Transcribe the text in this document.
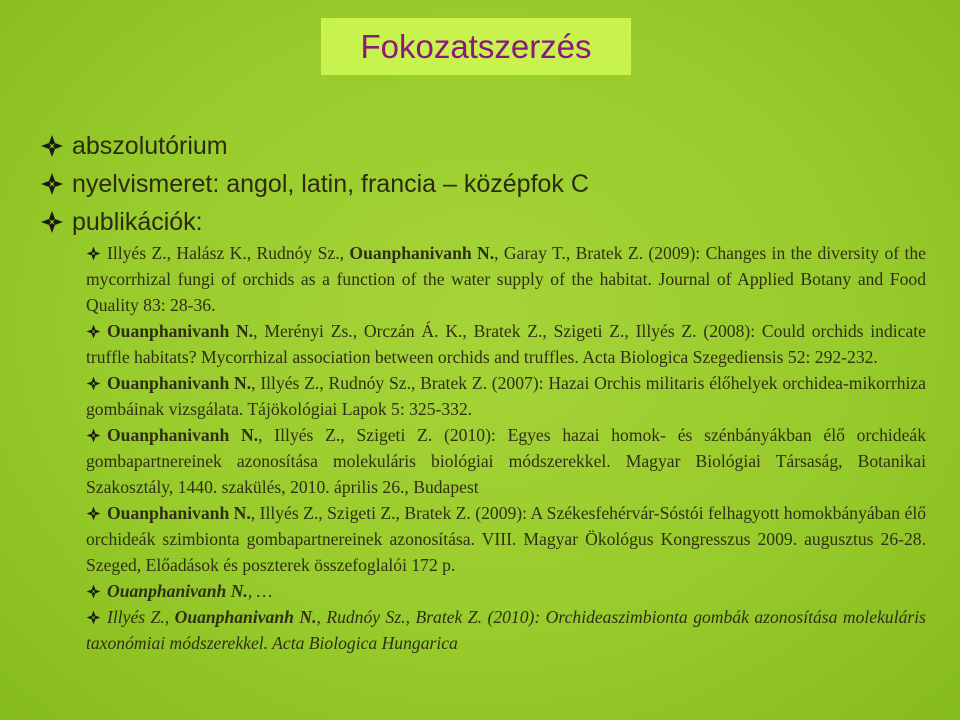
Fokozatszerzés
abszolutórium
nyelvismeret: angol, latin, francia – középfok C
publikációk:

Illyés Z., Halász K., Rudnóy Sz., Ouanphanivanh N., Garay T., Bratek Z. (2009): Changes in the diversity of the mycorrhizal fungi of orchids as a function of the water supply of the habitat. Journal of Applied Botany and Food Quality 83: 28-36.

Ouanphanivanh N., Merényi Zs., Orczán Á. K., Bratek Z., Szigeti Z., Illyés Z. (2008): Could orchids indicate truffle habitats? Mycorrhizal association between orchids and truffles. Acta Biologica Szegediensis 52: 292-232.

Ouanphanivanh N., Illyés Z., Rudnóy Sz., Bratek Z. (2007): Hazai Orchis militaris élőhelyek orchidea-mikorrhiza gombáinak vizsgálata. Tájökológiai Lapok 5: 325-332.

Ouanphanivanh N., Illyés Z., Szigeti Z. (2010): Egyes hazai homok- és szénbányákban élő orchideák gombapartnereinek azonosítása molekuláris biológiai módszerekkel. Magyar Biológiai Társaság, Botanikai Szakosztály, 1440. szakülés, 2010. április 26., Budapest

Ouanphanivanh N., Illyés Z., Szigeti Z., Bratek Z. (2009): A Székesfehérvár-Sóstói felhagyott homokbányában élő orchideák szimbionta gombapartnereinek azonosítása. VIII. Magyar Ökológus Kongresszus 2009. augusztus 26-28. Szeged, Előadások és poszterek összefoglalói 172 p.

Ouanphanivanh N., …

Illyés Z., Ouanphanivanh N., Rudnóy Sz., Bratek Z. (2010): Orchideaszimbionta gombák azonosítása molekuláris taxonómiai módszerekkel. Acta Biologica Hungarica
